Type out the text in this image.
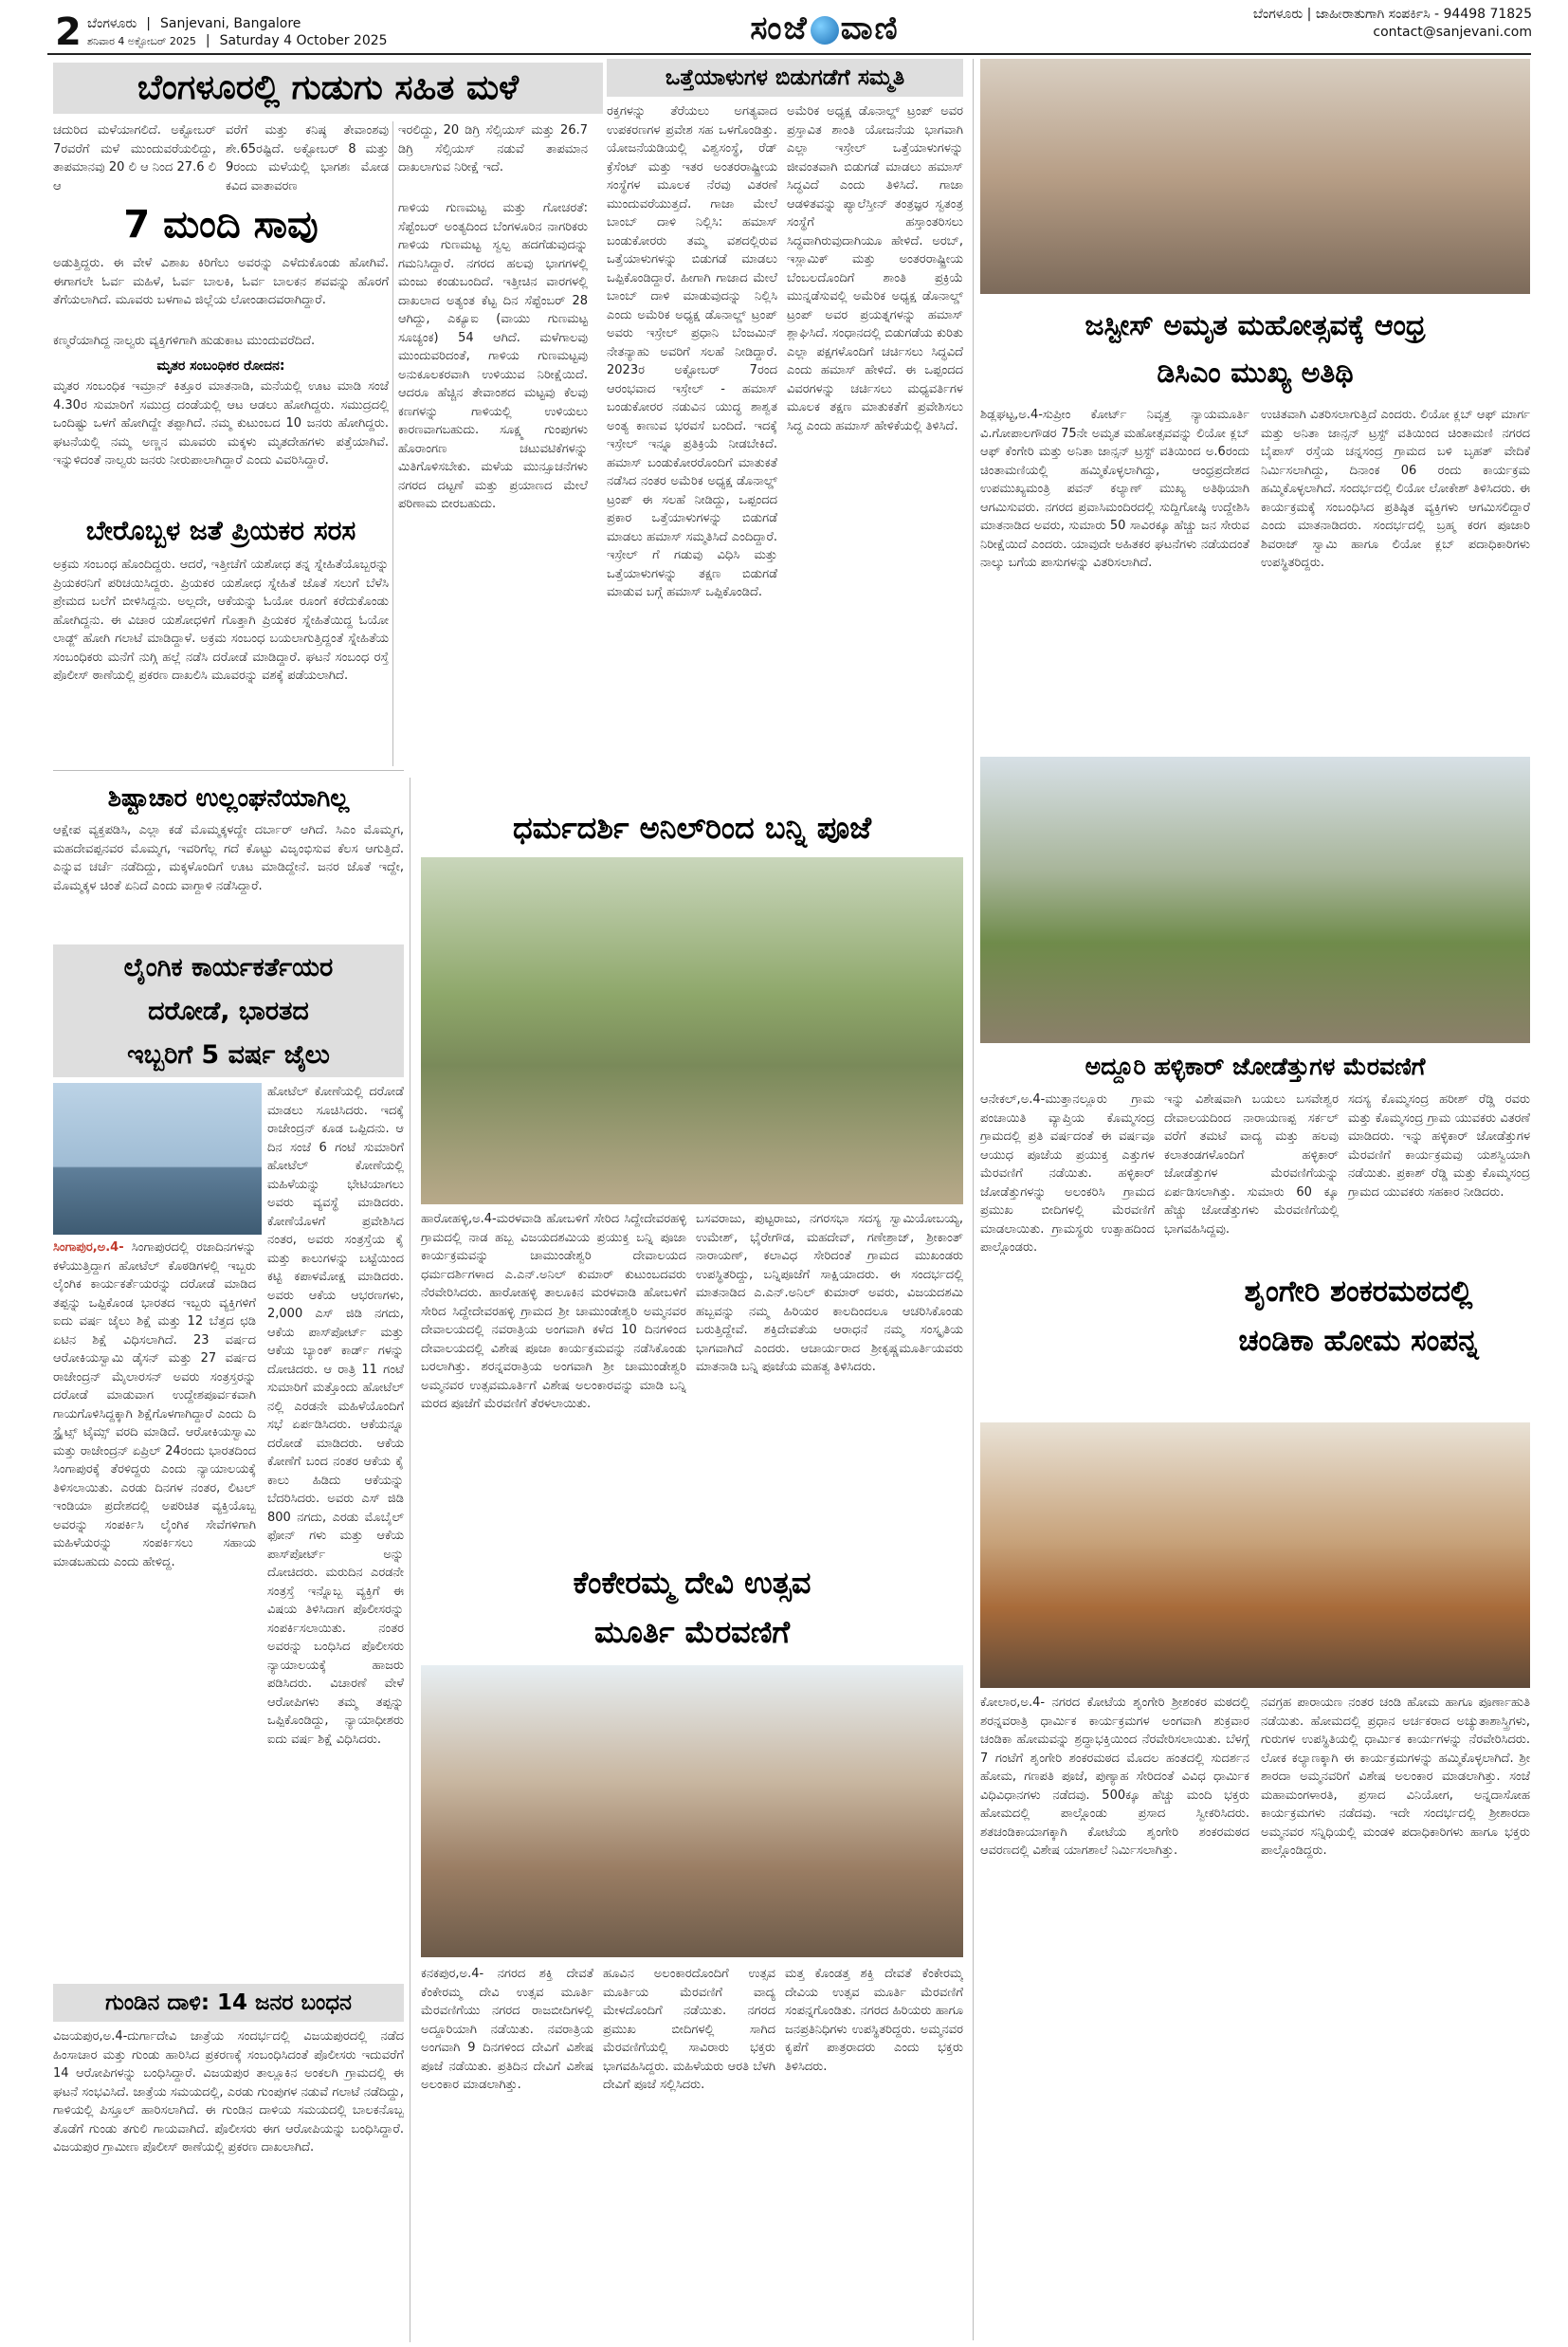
2 ಬೆಂಗಳೂರು | Sanjevani, Bangalore
ಶನಿವಾರ 4 ಅಕ್ಟೋಬರ್ 2025 | Saturday 4 October 2025	ಸಂಜೆ ವಾಣಿ	ಬೆಂಗಳೂರು | ಜಾಹೀರಾತುಗಾಗಿ ಸಂಪರ್ಕಿಸಿ - 94498 71825
contact@sanjevani.com
ಬೆಂಗಳೂರಲ್ಲಿ ಗುಡುಗು ಸಹಿತ ಮಳೆ
ಚದುರಿದ ಮಳೆಯಾಗಲಿದೆ. ಅಕ್ಟೋಬರ್ 7ರವರೆಗೆ ಮಳೆ ಮುಂದುವರೆಯಲಿದ್ದು, ತಾಪಮಾನವು 20 ಲಿ ಆ ನಿಂದ 27.6 ಲಿ ಆ
ವರೆಗೆ ಮತ್ತು ಕನಿಷ್ಠ ತೇವಾಂಶವು ಶೇ.65ರಷ್ಟಿದೆ. ಅಕ್ಟೋಬರ್ 8 ಮತ್ತು 9ರಂದು ಮಳೆಯಲ್ಲಿ ಭಾಗಶಃ ಮೋಡ ಕವಿದ ವಾತಾವರಣ
7 ಮಂದಿ ಸಾವು
ಅಡುತ್ತಿದ್ದರು. ಈ ವೇಳೆ ವಿಶಾಖ ಕಿರಿಗೆಲು ಅವರನ್ನು ಎಳೆದುಕೊಂಡು ಹೋಗಿವೆ. ಈಗಾಗಲೇ ಓರ್ವ ಮಹಿಳೆ, ಓರ್ವ ಬಾಲಕಿ, ಓರ್ವ ಬಾಲಕನ ಶವವನ್ನು ಹೊರಗೆ ತೆಗೆಯಲಾಗಿದೆ. ಮೂವರು ಬಳಗಾವಿ ಜಿಲ್ಲೆಯ ಲೋಂಡಾದವರಾಗಿದ್ದಾರೆ.
ಕಣ್ಮರೆಯಾಗಿದ್ದ ನಾಲ್ವರು ವ್ಯಕ್ತಿಗಳಿಗಾಗಿ ಹುಡುಕಾಟ ಮುಂದುವರೆದಿದೆ.
ಮೃತರ ಸಂಬಂಧಿಕರ ರೋದನ:
ಮೃತರ ಸಂಬಂಧಿಕ ಇಮ್ರಾನ್ ಕಿತ್ತೂರ ಮಾತನಾಡಿ, ಮನೆಯಲ್ಲಿ ಊಟ ಮಾಡಿ ಸಂಜೆ 4.30ರ ಸುಮಾರಿಗೆ ಸಮುದ್ರ ದಂಡೆಯಲ್ಲಿ ಆಟ ಆಡಲು ಹೋಗಿದ್ದರು. ಸಮುದ್ರದಲ್ಲಿ ಒಂದಿಷ್ಟು ಒಳಗೆ ಹೋಗಿದ್ದೇ ತಪ್ಪಾಗಿದೆ. ನಮ್ಮ ಕುಟುಂಬದ 10 ಜನರು ಹೋಗಿದ್ದರು. ಘಟನೆಯಲ್ಲಿ ನಮ್ಮ ಅಣ್ಣನ ಮೂವರು ಮಕ್ಕಳು ಮೃತದೇಹಗಳು ಪತ್ತೆಯಾಗಿವೆ. ಇನ್ನುಳಿದಂತೆ ನಾಲ್ವರು ಜನರು ನೀರುಪಾಲಾಗಿದ್ದಾರೆ ಎಂದು ವಿವರಿಸಿದ್ದಾರೆ.
ಇರಲಿದ್ದು, 20 ಡಿಗ್ರಿ ಸೆಲ್ಸಿಯಸ್ ಮತ್ತು 26.7 ಡಿಗ್ರಿ ಸೆಲ್ಸಿಯಸ್ ನಡುವೆ ತಾಪಮಾನ ದಾಖಲಾಗುವ ನಿರೀಕ್ಷೆ ಇದೆ.
ಗಾಳಿಯ ಗುಣಮಟ್ಟ ಮತ್ತು ಗೋಚರತೆ: ಸೆಪ್ಟೆಂಬರ್ ಅಂತ್ಯದಿಂದ ಬೆಂಗಳೂರಿನ ನಾಗರಿಕರು ಗಾಳಿಯ ಗುಣಮಟ್ಟ ಸ್ವಲ್ಪ ಹದಗೆಡುವುದನ್ನು ಗಮನಿಸಿದ್ದಾರೆ. ನಗರದ ಹಲವು ಭಾಗಗಳಲ್ಲಿ ಮಂಜು ಕಂಡುಬಂದಿದೆ. ಇತ್ತೀಚಿನ ವಾರಗಳಲ್ಲಿ ದಾಖಲಾದ ಅತ್ಯಂತ ಕೆಟ್ಟ ದಿನ ಸೆಪ್ಟೆಂಬರ್ 28 ಆಗಿದ್ದು, ಎಕ್ಯೂಐ (ವಾಯು ಗುಣಮಟ್ಟ ಸೂಚ್ಯಂಕ) 54 ಆಗಿದೆ. ಮಳೆಗಾಲವು ಮುಂದುವರಿದಂತೆ, ಗಾಳಿಯ ಗುಣಮಟ್ಟವು ಅನುಕೂಲಕರವಾಗಿ ಉಳಿಯುವ ನಿರೀಕ್ಷೆಯಿದೆ. ಆದರೂ ಹೆಚ್ಚಿನ ತೇವಾಂಶದ ಮಟ್ಟವು ಕೆಲವು ಕಣಗಳನ್ನು ಗಾಳಿಯಲ್ಲಿ ಉಳಿಯಲು ಕಾರಣವಾಗಬಹುದು. ಸೂಕ್ಷ್ಮ ಗುಂಪುಗಳು ಹೊರಾಂಗಣ ಚಟುವಟಿಕೆಗಳನ್ನು ಮಿತಿಗೊಳಿಸಬೇಕು. ಮಳೆಯ ಮುನ್ಸೂಚನೆಗಳು ನಗರದ ದಟ್ಟಣೆ ಮತ್ತು ಪ್ರಯಾಣದ ಮೇಲೆ ಪರಿಣಾಮ ಬೀರಬಹುದು.
ಬೇರೊಬ್ಬಳ ಜತೆ ಪ್ರಿಯಕರ ಸರಸ
ಅಕ್ರಮ ಸಂಬಂಧ ಹೊಂದಿದ್ದರು. ಆದರೆ, ಇತ್ತೀಚೆಗೆ ಯಶೋಧ ತನ್ನ ಸ್ನೇಹಿತೆಯೊಬ್ಬರನ್ನು ಪ್ರಿಯಕರನಿಗೆ ಪರಿಚಯಿಸಿದ್ದರು. ಪ್ರಿಯಕರ ಯಶೋಧ ಸ್ನೇಹಿತೆ ಜೊತೆ ಸಲುಗೆ ಬೆಳೆಸಿ ಪ್ರೇಮದ ಬಲೆಗೆ ಬೀಳಿಸಿದ್ದನು. ಅಲ್ಲದೇ, ಆಕೆಯನ್ನು ಓಯೋ ರೂಂಗೆ ಕರೆದುಕೊಂಡು ಹೋಗಿದ್ದನು. ಈ ವಿಚಾರ ಯಶೋಧಳಿಗೆ ಗೊತ್ತಾಗಿ ಪ್ರಿಯಕರ ಸ್ನೇಹಿತೆಯಿದ್ದ ಓಯೋ ಲಾಡ್ಜ್ ಹೋಗಿ ಗಲಾಟೆ ಮಾಡಿದ್ದಾಳೆ. ಅಕ್ರಮ ಸಂಬಂಧ ಬಯಲಾಗುತ್ತಿದ್ದಂತೆ ಸ್ನೇಹಿತೆಯ ಸಂಬಂಧಿಕರು ಮನೆಗೆ ನುಗ್ಗಿ ಹಲ್ಲೆ ನಡೆಸಿ ದರೋಡೆ ಮಾಡಿದ್ದಾರೆ. ಘಟನೆ ಸಂಬಂಧ ರಸ್ತೆ ಪೊಲೀಸ್ ಠಾಣೆಯಲ್ಲಿ ಪ್ರಕರಣ ದಾಖಲಿಸಿ ಮೂವರನ್ನು ವಶಕ್ಕೆ ಪಡೆಯಲಾಗಿದೆ.
ಶಿಷ್ಟಾಚಾರ ಉಲ್ಲಂಘನೆಯಾಗಿಲ್ಲ
ಆಕ್ಷೇಪ ವ್ಯಕ್ತಪಡಿಸಿ, ಎಲ್ಲಾ ಕಡೆ ಮೊಮ್ಮಕ್ಕಳದ್ದೇ ದರ್ಬಾರ್ ಆಗಿದೆ. ಸಿಎಂ ಮೊಮ್ಮಗ, ಮಹದೇವಪ್ಪನವರ ಮೊಮ್ಮಗ, ಇವರಿಗೆಲ್ಲ ಗದೆ ಕೊಟ್ಟು ವಿಜೃಂಭಿಸುವ ಕೆಲಸ ಆಗುತ್ತಿದೆ. ಎನ್ನುವ ಚರ್ಚೆ ನಡೆದಿದ್ದು, ಮಕ್ಕಳೊಂದಿಗೆ ಊಟ ಮಾಡಿದ್ದೇನೆ. ಜನರ ಜೊತೆ ಇದ್ದೇ, ಮೊಮ್ಮಕ್ಕಳ ಚಿಂತೆ ಏನಿದೆ ಎಂದು ವಾಗ್ದಾಳಿ ನಡೆಸಿದ್ದಾರೆ.
ಲೈಂಗಿಕ ಕಾರ್ಯಕರ್ತೆಯರ
ದರೋಡೆ, ಭಾರತದ
ಇಬ್ಬರಿಗೆ 5 ವರ್ಷ ಜೈಲು
ಸಿಂಗಾಪುರ,ಅ.4- ಸಿಂಗಾಪುರದಲ್ಲಿ ರಜಾದಿನಗಳನ್ನು ಕಳೆಯುತ್ತಿದ್ದಾಗ ಹೋಟೆಲ್ ಕೊಠಡಿಗಳಲ್ಲಿ ಇಬ್ಬರು ಲೈಂಗಿಕ ಕಾರ್ಯಕರ್ತೆಯರನ್ನು ದರೋಡೆ ಮಾಡಿದ ತಪ್ಪನ್ನು ಒಪ್ಪಿಕೊಂಡ ಭಾರತದ ಇಬ್ಬರು ವ್ಯಕ್ತಿಗಳಿಗೆ ಐದು ವರ್ಷ ಜೈಲು ಶಿಕ್ಷೆ ಮತ್ತು 12 ಬೆತ್ತದ ಛಡಿ ಏಟಿನ ಶಿಕ್ಷೆ ವಿಧಿಸಲಾಗಿದೆ. 23 ವರ್ಷದ ಆರೋಕಿಯಸ್ವಾಮಿ ಡೈಸನ್ ಮತ್ತು 27 ವರ್ಷದ ರಾಜೇಂದ್ರನ್ ಮೈಲಾರಸನ್ ಅವರು ಸಂತ್ರಸ್ತರನ್ನು ದರೋಡೆ ಮಾಡುವಾಗ ಉದ್ದೇಶಪೂರ್ವಕವಾಗಿ ಗಾಯಗೊಳಿಸಿದ್ದಕ್ಕಾಗಿ ಶಿಕ್ಷೆಗೊಳಗಾಗಿದ್ದಾರೆ ಎಂದು ದಿ ಸ್ಟ್ರೈಟ್ಸ್ ಟೈಮ್ಸ್ ವರದಿ ಮಾಡಿದೆ. ಆರೋಕಿಯಸ್ವಾಮಿ ಮತ್ತು ರಾಜೇಂದ್ರನ್ ಏಪ್ರಿಲ್ 24ರಂದು ಭಾರತದಿಂದ ಸಿಂಗಾಪುರಕ್ಕೆ ತೆರಳಿದ್ದರು ಎಂದು ನ್ಯಾಯಾಲಯಕ್ಕೆ ತಿಳಿಸಲಾಯಿತು. ಎರಡು ದಿನಗಳ ನಂತರ, ಲಿಟಲ್ ಇಂಡಿಯಾ ಪ್ರದೇಶದಲ್ಲಿ ಅಪರಿಚಿತ ವ್ಯಕ್ತಿಯೊಬ್ಬ ಅವರನ್ನು ಸಂಪರ್ಕಿಸಿ ಲೈಂಗಿಕ ಸೇವೆಗಳಿಗಾಗಿ ಮಹಿಳೆಯರನ್ನು ಸಂಪರ್ಕಿಸಲು ಸಹಾಯ ಮಾಡಬಹುದು ಎಂದು ಹೇಳಿದ್ದ.
ಹೋಟೆಲ್ ಕೋಣೆಯಲ್ಲಿ ದರೋಡೆ ಮಾಡಲು ಸೂಚಿಸಿದರು. ಇದಕ್ಕೆ ರಾಜೇಂದ್ರನ್ ಕೂಡ ಒಪ್ಪಿದನು. ಆ ದಿನ ಸಂಜೆ 6 ಗಂಟೆ ಸುಮಾರಿಗೆ ಹೋಟೆಲ್ ಕೋಣೆಯಲ್ಲಿ ಮಹಿಳೆಯನ್ನು ಭೇಟಿಯಾಗಲು ಅವರು ವ್ಯವಸ್ಥೆ ಮಾಡಿದರು. ಕೋಣೆಯೊಳಗೆ ಪ್ರವೇಶಿಸಿದ ನಂತರ, ಅವರು ಸಂತ್ರಸ್ತೆಯ ಕೈ ಮತ್ತು ಕಾಲುಗಳನ್ನು ಬಟ್ಟೆಯಿಂದ ಕಟ್ಟಿ ಕಪಾಳಮೋಕ್ಷ ಮಾಡಿದರು. ಅವರು ಆಕೆಯ ಆಭರಣಗಳು, 2,000 ಎಸ್ ಜಿಡಿ ನಗದು, ಆಕೆಯ ಪಾಸ್‍ಪೋರ್ಟ್ ಮತ್ತು ಆಕೆಯ ಬ್ಯಾಂಕ್ ಕಾರ್ಡ್ ಗಳನ್ನು ದೋಚಿದರು. ಆ ರಾತ್ರಿ 11 ಗಂಟೆ ಸುಮಾರಿಗೆ ಮತ್ತೊಂದು ಹೋಟೆಲ್ ನಲ್ಲಿ ಎರಡನೇ ಮಹಿಳೆಯೊಂದಿಗೆ ಸಭೆ ಏರ್ಪಡಿಸಿದರು. ಆಕೆಯನ್ನೂ ದರೋಡೆ ಮಾಡಿದರು. ಆಕೆಯ ಕೋಣೆಗೆ ಬಂದ ನಂತರ ಆಕೆಯ ಕೈ ಕಾಲು ಹಿಡಿದು ಆಕೆಯನ್ನು ಬೆದರಿಸಿದರು. ಅವರು ಎಸ್ ಜಿಡಿ 800 ನಗದು, ಎರಡು ಮೊಬೈಲ್ ಫೋನ್ ಗಳು ಮತ್ತು ಆಕೆಯ ಪಾಸ್‍ಪೋರ್ಟ್ ಅನ್ನು ದೋಚಿದರು. ಮರುದಿನ ಎರಡನೇ ಸಂತ್ರಸ್ತೆ ಇನ್ನೊಬ್ಬ ವ್ಯಕ್ತಿಗೆ ಈ ವಿಷಯ ತಿಳಿಸಿದಾಗ ಪೊಲೀಸರನ್ನು ಸಂಪರ್ಕಿಸಲಾಯಿತು. ನಂತರ ಅವರನ್ನು ಬಂಧಿಸಿದ ಪೊಲೀಸರು ನ್ಯಾಯಾಲಯಕ್ಕೆ ಹಾಜರು ಪಡಿಸಿದರು. ವಿಚಾರಣೆ ವೇಳೆ ಆರೋಪಿಗಳು ತಮ್ಮ ತಪ್ಪನ್ನು ಒಪ್ಪಿಕೊಂಡಿದ್ದು, ನ್ಯಾಯಾಧೀಶರು ಐದು ವರ್ಷ ಶಿಕ್ಷೆ ವಿಧಿಸಿದರು.
ಗುಂಡಿನ ದಾಳಿ: 14 ಜನರ ಬಂಧನ
ವಿಜಯಪುರ,ಅ.4-ದುರ್ಗಾದೇವಿ ಜಾತ್ರೆಯ ಸಂದರ್ಭದಲ್ಲಿ ವಿಜಯಪುರದಲ್ಲಿ ನಡೆದ ಹಿಂಸಾಚಾರ ಮತ್ತು ಗುಂಡು ಹಾರಿಸಿದ ಪ್ರಕರಣಕ್ಕೆ ಸಂಬಂಧಿಸಿದಂತೆ ಪೊಲೀಸರು ಇದುವರೆಗೆ 14 ಆರೋಪಿಗಳನ್ನು ಬಂಧಿಸಿದ್ದಾರೆ. ವಿಜಯಪುರ ತಾಲ್ಲೂಕಿನ ಅಂಕಲಗಿ ಗ್ರಾಮದಲ್ಲಿ ಈ ಘಟನೆ ಸಂಭವಿಸಿದೆ. ಜಾತ್ರೆಯ ಸಮಯದಲ್ಲಿ, ಎರಡು ಗುಂಪುಗಳ ನಡುವೆ ಗಲಾಟೆ ನಡೆದಿದ್ದು, ಗಾಳಿಯಲ್ಲಿ ಪಿಸ್ತೂಲ್ ಹಾರಿಸಲಾಗಿದೆ. ಈ ಗುಂಡಿನ ದಾಳಿಯ ಸಮಯದಲ್ಲಿ ಬಾಲಕನೊಬ್ಬ ತೊಡೆಗೆ ಗುಂಡು ತಗುಲಿ ಗಾಯವಾಗಿದೆ. ಪೊಲೀಸರು ಈಗ ಆರೋಪಿಯನ್ನು ಬಂಧಿಸಿದ್ದಾರೆ. ವಿಜಯಪುರ ಗ್ರಾಮೀಣ ಪೊಲೀಸ್ ಠಾಣೆಯಲ್ಲಿ ಪ್ರಕರಣ ದಾಖಲಾಗಿದೆ.
ಒತ್ತೆಯಾಳುಗಳ ಬಿಡುಗಡೆಗೆ ಸಮ್ಮತಿ
ರಕ್ತಗಳನ್ನು ತೆರೆಯಲು ಅಗತ್ಯವಾದ ಉಪಕರಣಗಳ ಪ್ರವೇಶ ಸಹ ಒಳಗೊಂಡಿತ್ತು. ಯೋಜನೆಯಡಿಯಲ್ಲಿ ವಿಶ್ವಸಂಸ್ಥೆ, ರೆಡ್ ಕ್ರೆಸೆಂಟ್ ಮತ್ತು ಇತರ ಅಂತರರಾಷ್ಟ್ರೀಯ ಸಂಸ್ಥೆಗಳ ಮೂಲಕ ನೆರವು ವಿತರಣೆ ಮುಂದುವರೆಯುತ್ತದೆ. ಗಾಜಾ ಮೇಲೆ ಬಾಂಬ್ ದಾಳಿ ನಿಲ್ಲಿಸಿ: ಹಮಾಸ್ ಬಂಡುಕೋರರು ತಮ್ಮ ವಶದಲ್ಲಿರುವ ಒತ್ತೆಯಾಳುಗಳನ್ನು ಬಿಡುಗಡೆ ಮಾಡಲು ಒಪ್ಪಿಕೊಂಡಿದ್ದಾರೆ. ಹೀಗಾಗಿ ಗಾಜಾದ ಮೇಲೆ ಬಾಂಬ್ ದಾಳಿ ಮಾಡುವುದನ್ನು ನಿಲ್ಲಿಸಿ ಎಂದು ಅಮೆರಿಕ ಅಧ್ಯಕ್ಷ ಡೊನಾಲ್ಡ್ ಟ್ರಂಪ್ ಅವರು ಇಸ್ರೇಲ್ ಪ್ರಧಾನಿ ಬೆಂಜಮಿನ್ ನೇತನ್ಯಾಹು ಅವರಿಗೆ ಸಲಹೆ ನೀಡಿದ್ದಾರೆ. 2023ರ ಅಕ್ಟೋಬರ್ 7ರಂದ ಆರಂಭವಾದ ಇಸ್ರೇಲ್ - ಹಮಾಸ್ ಬಂಡುಕೋರರ ನಡುವಿನ ಯುದ್ಧ ಶಾಶ್ವತ ಅಂತ್ಯ ಕಾಣುವ ಭರವಸೆ ಬಂದಿದೆ. ಇದಕ್ಕೆ ಇಸ್ರೇಲ್ ಇನ್ನೂ ಪ್ರತಿಕ್ರಿಯೆ ನೀಡಬೇಕಿದೆ. ಹಮಾಸ್ ಬಂಡುಕೋರರೊಂದಿಗೆ ಮಾತುಕತೆ ನಡೆಸಿದ ನಂತರ ಅಮೆರಿಕ ಅಧ್ಯಕ್ಷ ಡೊನಾಲ್ಡ್ ಟ್ರಂಪ್ ಈ ಸಲಹೆ ನೀಡಿದ್ದು, ಒಪ್ಪಂದದ ಪ್ರಕಾರ ಒತ್ತೆಯಾಳುಗಳನ್ನು ಬಿಡುಗಡೆ ಮಾಡಲು ಹಮಾಸ್ ಸಮ್ಮತಿಸಿದೆ ಎಂದಿದ್ದಾರೆ. ಇಸ್ರೇಲ್ ಗೆ ಗಡುವು ವಿಧಿಸಿ ಮತ್ತು ಒತ್ತೆಯಾಳುಗಳನ್ನು ತಕ್ಷಣ ಬಿಡುಗಡೆ ಮಾಡುವ ಬಗ್ಗೆ ಹಮಾಸ್ ಒಪ್ಪಿಕೊಂಡಿದೆ.
ಅಮೆರಿಕ ಅಧ್ಯಕ್ಷ ಡೊನಾಲ್ಡ್ ಟ್ರಂಪ್ ಅವರ ಪ್ರಸ್ತಾವಿತ ಶಾಂತಿ ಯೋಜನೆಯ ಭಾಗವಾಗಿ ಎಲ್ಲಾ ಇಸ್ರೇಲ್ ಒತ್ತೆಯಾಳುಗಳನ್ನು ಜೀವಂತವಾಗಿ ಬಿಡುಗಡೆ ಮಾಡಲು ಹಮಾಸ್ ಸಿದ್ಧವಿದೆ ಎಂದು ತಿಳಿಸಿದೆ. ಗಾಜಾ ಆಡಳಿತವನ್ನು ಪ್ಯಾಲೆಸ್ತೀನ್ ತಂತ್ರಜ್ಞರ ಸ್ವತಂತ್ರ ಸಂಸ್ಥೆಗೆ ಹಸ್ತಾಂತರಿಸಲು ಸಿದ್ಧವಾಗಿರುವುದಾಗಿಯೂ ಹೇಳಿದೆ. ಅರಬ್, ಇಸ್ಲಾಮಿಕ್ ಮತ್ತು ಅಂತರರಾಷ್ಟ್ರೀಯ ಬೆಂಬಲದೊಂದಿಗೆ ಶಾಂತಿ ಪ್ರಕ್ರಿಯೆ ಮುನ್ನಡೆಸುವಲ್ಲಿ ಅಮೆರಿಕ ಅಧ್ಯಕ್ಷ ಡೊನಾಲ್ಡ್ ಟ್ರಂಪ್ ಅವರ ಪ್ರಯತ್ನಗಳನ್ನು ಹಮಾಸ್ ಶ್ಲಾಘಿಸಿದೆ. ಸಂಧಾನದಲ್ಲಿ ಬಿಡುಗಡೆಯ ಕುರಿತು ಎಲ್ಲಾ ಪಕ್ಷಗಳೊಂದಿಗೆ ಚರ್ಚಿಸಲು ಸಿದ್ಧವಿದೆ ಎಂದು ಹಮಾಸ್ ಹೇಳಿದೆ. ಈ ಒಪ್ಪಂದದ ವಿವರಗಳನ್ನು ಚರ್ಚಿಸಲು ಮಧ್ಯವರ್ತಿಗಳ ಮೂಲಕ ತಕ್ಷಣ ಮಾತುಕತೆಗೆ ಪ್ರವೇಶಿಸಲು ಸಿದ್ಧ ಎಂದು ಹಮಾಸ್ ಹೇಳಿಕೆಯಲ್ಲಿ ತಿಳಿಸಿದೆ.
ಧರ್ಮದರ್ಶಿ ಅನಿಲ್‍ರಿಂದ ಬನ್ನಿ ಪೂಜೆ
ಹಾರೋಹಳ್ಳಿ,ಅ.4-ಮರಳವಾಡಿ ಹೋಬಳಿಗೆ ಸೇರಿದ ಸಿದ್ದೇದೇವರಹಳ್ಳಿ ಗ್ರಾಮದಲ್ಲಿ ನಾಡ ಹಬ್ಬ ವಿಜಯದಶಮಿಯ ಪ್ರಯುಕ್ತ ಬನ್ನಿ ಪೂಜಾ ಕಾರ್ಯಕ್ರಮವನ್ನು ಚಾಮುಂಡೇಶ್ವರಿ ದೇವಾಲಯದ ಧರ್ಮದರ್ಶಿಗಳಾದ ಎ.ಎನ್.ಅನಿಲ್ ಕುಮಾರ್ ಕುಟುಂಬದವರು ನೆರವೇರಿಸಿದರು. ಹಾರೋಹಳ್ಳಿ ತಾಲೂಕಿನ ಮರಳವಾಡಿ ಹೋಬಳಿಗೆ ಸೇರಿದ ಸಿದ್ದೇದೇವರಹಳ್ಳಿ ಗ್ರಾಮದ ಶ್ರೀ ಚಾಮುಂಡೇಶ್ವರಿ ಅಮ್ಮನವರ ದೇವಾಲಯದಲ್ಲಿ ನವರಾತ್ರಿಯ ಅಂಗವಾಗಿ ಕಳೆದ 10 ದಿನಗಳಿಂದ ದೇವಾಲಯದಲ್ಲಿ ವಿಶೇಷ ಪೂಜಾ ಕಾರ್ಯಕ್ರಮವನ್ನು ನಡೆಸಿಕೊಂಡು ಬರಲಾಗಿತ್ತು. ಶರನ್ನವರಾತ್ರಿಯ ಅಂಗವಾಗಿ ಶ್ರೀ ಚಾಮುಂಡೇಶ್ವರಿ ಅಮ್ಮನವರ ಉತ್ಸವಮೂರ್ತಿಗೆ ವಿಶೇಷ ಅಲಂಕಾರವನ್ನು ಮಾಡಿ ಬನ್ನಿ ಮರದ ಪೂಜೆಗೆ ಮೆರವಣಿಗೆ ತೆರಳಲಾಯಿತು.
ಬಸವರಾಜು, ಪುಟ್ಟರಾಜು, ನಗರಸಭಾ ಸದಸ್ಯ ಸ್ವಾಮಿಯೋಬಯ್ಯ, ಉಮೇಶ್, ಭೈರೇಗೌಡ, ಮಹದೇವ್, ಗಣೇಶ್ರಾಜ್, ಶ್ರೀಕಾಂತ್ ನಾರಾಯಣ್, ಕಲಾವಿಧ ಸೇರಿದಂತೆ ಗ್ರಾಮದ ಮುಖಂಡರು ಉಪಸ್ಥಿತರಿದ್ದು, ಬನ್ನಿಪೂಜೆಗೆ ಸಾಕ್ಷಿಯಾದರು. ಈ ಸಂದರ್ಭದಲ್ಲಿ ಮಾತನಾಡಿದ ಎ.ಎನ್.ಅನಿಲ್ ಕುಮಾರ್ ಅವರು, ವಿಜಯದಶಮಿ ಹಬ್ಬವನ್ನು ನಮ್ಮ ಹಿರಿಯರ ಕಾಲದಿಂದಲೂ ಆಚರಿಸಿಕೊಂಡು ಬರುತ್ತಿದ್ದೇವೆ. ಶಕ್ತಿದೇವತೆಯ ಆರಾಧನೆ ನಮ್ಮ ಸಂಸ್ಕೃತಿಯ ಭಾಗವಾಗಿದೆ ಎಂದರು. ಆಚಾರ್ಯರಾದ ಶ್ರೀಕೃಷ್ಣಮೂರ್ತಿಯವರು ಮಾತನಾಡಿ ಬನ್ನಿ ಪೂಜೆಯ ಮಹತ್ವ ತಿಳಿಸಿದರು.
ಕೆಂಕೇರಮ್ಮ ದೇವಿ ಉತ್ಸವ
ಮೂರ್ತಿ ಮೆರವಣಿಗೆ
ಕನಕಪುರ,ಅ.4- ನಗರದ ಶಕ್ತಿ ದೇವತೆ ಕೆಂಕೇರಮ್ಮ ದೇವಿ ಉತ್ಸವ ಮೂರ್ತಿ ಮೆರವಣಿಗೆಯು ನಗರದ ರಾಜಬೀದಿಗಳಲ್ಲಿ ಅದ್ದೂರಿಯಾಗಿ ನಡೆಯಿತು. ನವರಾತ್ರಿಯ ಅಂಗವಾಗಿ 9 ದಿನಗಳಿಂದ ದೇವಿಗೆ ವಿಶೇಷ ಪೂಜೆ ನಡೆಯಿತು. ಪ್ರತಿದಿನ ದೇವಿಗೆ ವಿಶೇಷ ಅಲಂಕಾರ ಮಾಡಲಾಗಿತ್ತು.
ಹೂವಿನ ಅಲಂಕಾರದೊಂದಿಗೆ ಉತ್ಸವ ಮೂರ್ತಿಯ ಮೆರವಣಿಗೆ ವಾದ್ಯ ಮೇಳದೊಂದಿಗೆ ನಡೆಯಿತು. ನಗರದ ಪ್ರಮುಖ ಬೀದಿಗಳಲ್ಲಿ ಸಾಗಿದ ಮೆರವಣಿಗೆಯಲ್ಲಿ ಸಾವಿರಾರು ಭಕ್ತರು ಭಾಗವಹಿಸಿದ್ದರು. ಮಹಿಳೆಯರು ಆರತಿ ಬೆಳಗಿ ದೇವಿಗೆ ಪೂಜೆ ಸಲ್ಲಿಸಿದರು.
ಮತ್ತ ಕೊಂಡತ್ತ ಶಕ್ತಿ ದೇವತೆ ಕೆಂಕೇರಮ್ಮ ದೇವಿಯ ಉತ್ಸವ ಮೂರ್ತಿ ಮೆರವಣಿಗೆ ಸಂಪನ್ನಗೊಂಡಿತು. ನಗರದ ಹಿರಿಯರು ಹಾಗೂ ಜನಪ್ರತಿನಿಧಿಗಳು ಉಪಸ್ಥಿತರಿದ್ದರು. ಅಮ್ಮನವರ ಕೃಪೆಗೆ ಪಾತ್ರರಾದರು ಎಂದು ಭಕ್ತರು ತಿಳಿಸಿದರು.
ಜಸ್ಟೀಸ್ ಅಮೃತ ಮಹೋತ್ಸವಕ್ಕೆ ಆಂಧ್ರ
ಡಿಸಿಎಂ ಮುಖ್ಯ ಅತಿಥಿ
ಶಿಡ್ಲಘಟ್ಟ,ಅ.4-ಸುಪ್ರೀಂ ಕೋರ್ಟ್ ನಿವೃತ್ತ ನ್ಯಾಯಮೂರ್ತಿ ವಿ.ಗೋಪಾಲಗೌಡರ 75ನೇ ಅಮೃತ ಮಹೋತ್ಸವವನ್ನು ಲಿಯೋ ಕ್ಲಬ್ ಆಫ್ ಕೆಂಗೇರಿ ಮತ್ತು ಅನಿತಾ ಜಾನ್ಸನ್ ಟ್ರಸ್ಟ್ ವತಿಯಿಂದ ಅ.6ರಂದು ಚಿಂತಾಮಣಿಯಲ್ಲಿ ಹಮ್ಮಿಕೊಳ್ಳಲಾಗಿದ್ದು, ಆಂಧ್ರಪ್ರದೇಶದ ಉಪಮುಖ್ಯಮಂತ್ರಿ ಪವನ್ ಕಲ್ಯಾಣ್ ಮುಖ್ಯ ಅತಿಥಿಯಾಗಿ ಆಗಮಿಸುವರು. ನಗರದ ಪ್ರವಾಸಿಮಂದಿರದಲ್ಲಿ ಸುದ್ದಿಗೋಷ್ಠಿ ಉದ್ದೇಶಿಸಿ ಮಾತನಾಡಿದ ಅವರು, ಸುಮಾರು 50 ಸಾವಿರಕ್ಕೂ ಹೆಚ್ಚು ಜನ ಸೇರುವ ನಿರೀಕ್ಷೆಯಿದೆ ಎಂದರು. ಯಾವುದೇ ಅಹಿತಕರ ಘಟನೆಗಳು ನಡೆಯದಂತೆ ನಾಲ್ಕು ಬಗೆಯ ಪಾಸುಗಳನ್ನು ವಿತರಿಸಲಾಗಿದೆ.
ಉಚಿತವಾಗಿ ವಿತರಿಸಲಾಗುತ್ತಿದೆ ಎಂದರು. ಲಿಯೋ ಕ್ಲಬ್ ಆಫ್ ಮಾರ್ಗ ಮತ್ತು ಅನಿತಾ ಜಾನ್ಸನ್ ಟ್ರಸ್ಟ್ ವತಿಯಿಂದ ಚಿಂತಾಮಣಿ ನಗರದ ಬೈಪಾಸ್ ರಸ್ತೆಯ ಚನ್ನಸಂದ್ರ ಗ್ರಾಮದ ಬಳಿ ಬೃಹತ್ ವೇದಿಕೆ ನಿರ್ಮಿಸಲಾಗಿದ್ದು, ದಿನಾಂಕ 06 ರಂದು ಕಾರ್ಯಕ್ರಮ ಹಮ್ಮಿಕೊಳ್ಳಲಾಗಿದೆ. ಸಂದರ್ಭದಲ್ಲಿ ಲಿಯೋ ಲೋಕೇಶ್ ತಿಳಿಸಿದರು. ಈ ಕಾರ್ಯಕ್ರಮಕ್ಕೆ ಸಂಬಂಧಿಸಿದ ಪ್ರತಿಷ್ಠಿತ ವ್ಯಕ್ತಿಗಳು ಆಗಮಿಸಲಿದ್ದಾರೆ ಎಂದು ಮಾತನಾಡಿದರು. ಸಂದರ್ಭದಲ್ಲಿ ಬ್ರಹ್ಮ ಕರಗ ಪೂಜಾರಿ ಶಿವರಾಜ್ ಸ್ವಾಮಿ ಹಾಗೂ ಲಿಯೋ ಕ್ಲಬ್ ಪದಾಧಿಕಾರಿಗಳು ಉಪಸ್ಥಿತರಿದ್ದರು.
ಅದ್ದೂರಿ ಹಳ್ಳಿಕಾರ್ ಜೋಡೆತ್ತುಗಳ ಮೆರವಣಿಗೆ
ಆನೇಕಲ್,ಅ.4-ಮುತ್ತಾನಲ್ಲೂರು ಗ್ರಾಮ ಪಂಚಾಯಿತಿ ವ್ಯಾಪ್ತಿಯ ಕೊಮ್ಮಸಂದ್ರ ಗ್ರಾಮದಲ್ಲಿ ಪ್ರತಿ ವರ್ಷದಂತೆ ಈ ವರ್ಷವೂ ಆಯುಧ ಪೂಜೆಯ ಪ್ರಯುಕ್ತ ಎತ್ತುಗಳ ಮೆರವಣಿಗೆ ನಡೆಯಿತು. ಹಳ್ಳಿಕಾರ್ ಜೋಡೆತ್ತುಗಳನ್ನು ಅಲಂಕರಿಸಿ ಗ್ರಾಮದ ಪ್ರಮುಖ ಬೀದಿಗಳಲ್ಲಿ ಮೆರವಣಿಗೆ ಮಾಡಲಾಯಿತು. ಗ್ರಾಮಸ್ಥರು ಉತ್ಸಾಹದಿಂದ ಪಾಲ್ಗೊಂಡರು.
ಇನ್ನು ವಿಶೇಷವಾಗಿ ಬಯಲು ಬಸವೇಶ್ವರ ದೇವಾಲಯದಿಂದ ನಾರಾಯಣಪ್ಪ ಸರ್ಕಲ್ ವರೆಗೆ ತಮಟೆ ವಾದ್ಯ ಮತ್ತು ಹಲವು ಕಲಾತಂಡಗಳೊಂದಿಗೆ ಹಳ್ಳಿಕಾರ್ ಜೋಡೆತ್ತುಗಳ ಮೆರವಣಿಗೆಯನ್ನು ಏರ್ಪಡಿಸಲಾಗಿತ್ತು. ಸುಮಾರು 60 ಕ್ಕೂ ಹೆಚ್ಚು ಜೋಡೆತ್ತುಗಳು ಮೆರವಣಿಗೆಯಲ್ಲಿ ಭಾಗವಹಿಸಿದ್ದವು.
ಸದಸ್ಯ ಕೊಮ್ಮಸಂದ್ರ ಹರೀಶ್ ರೆಡ್ಡಿ ರವರು ಮತ್ತು ಕೊಮ್ಮಸಂದ್ರ ಗ್ರಾಮ ಯುವಕರು ವಿತರಣೆ ಮಾಡಿದರು. ಇನ್ನು ಹಳ್ಳಿಕಾರ್ ಜೋಡೆತ್ತುಗಳ ಮೆರವಣಿಗೆ ಕಾರ್ಯಕ್ರಮವು ಯಶಸ್ವಿಯಾಗಿ ನಡೆಯಿತು. ಪ್ರಕಾಶ್ ರೆಡ್ಡಿ ಮತ್ತು ಕೊಮ್ಮಸಂದ್ರ ಗ್ರಾಮದ ಯುವಕರು ಸಹಕಾರ ನೀಡಿದರು.
ಶೃಂಗೇರಿ ಶಂಕರಮಠದಲ್ಲಿ
ಚಂಡಿಕಾ ಹೋಮ ಸಂಪನ್ನ
ಕೋಲಾರ,ಅ.4- ನಗರದ ಕೋಟೆಯ ಶೃಂಗೇರಿ ಶ್ರೀಶಂಕರ ಮಠದಲ್ಲಿ ಶರನ್ನವರಾತ್ರಿ ಧಾರ್ಮಿಕ ಕಾರ್ಯಕ್ರಮಗಳ ಅಂಗವಾಗಿ ಶುಕ್ರವಾರ ಚಂಡಿಕಾ ಹೋಮವನ್ನು ಶ್ರದ್ಧಾಭಕ್ತಿಯಿಂದ ನೆರವೇರಿಸಲಾಯಿತು. ಬೆಳಗ್ಗೆ 7 ಗಂಟೆಗೆ ಶೃಂಗೇರಿ ಶಂಕರಮಠದ ಮೊದಲ ಹಂತದಲ್ಲಿ ಸುದರ್ಶನ ಹೋಮ, ಗಣಪತಿ ಪೂಜೆ, ಪುಣ್ಯಾಹ ಸೇರಿದಂತೆ ವಿವಿಧ ಧಾರ್ಮಿಕ ವಿಧಿವಿಧಾನಗಳು ನಡೆದವು. 500ಕ್ಕೂ ಹೆಚ್ಚು ಮಂದಿ ಭಕ್ತರು ಹೋಮದಲ್ಲಿ ಪಾಲ್ಗೊಂಡು ಪ್ರಸಾದ ಸ್ವೀಕರಿಸಿದರು. ಶತಚಂಡಿಕಾಯಾಗಕ್ಕಾಗಿ ಕೋಟೆಯ ಶೃಂಗೇರಿ ಶಂಕರಮಠದ ಆವರಣದಲ್ಲಿ ವಿಶೇಷ ಯಾಗಶಾಲೆ ನಿರ್ಮಿಸಲಾಗಿತ್ತು.
ನವಗ್ರಹ ಪಾರಾಯಣ ನಂತರ ಚಂಡಿ ಹೋಮ ಹಾಗೂ ಪೂರ್ಣಾಹುತಿ ನಡೆಯಿತು. ಹೋಮದಲ್ಲಿ ಪ್ರಧಾನ ಅರ್ಚಕರಾದ ಅಚ್ಯುತಾಶಾಸ್ತ್ರಿಗಳು, ಗುರುಗಳ ಉಪಸ್ಥಿತಿಯಲ್ಲಿ ಧಾರ್ಮಿಕ ಕಾರ್ಯಗಳನ್ನು ನೆರವೇರಿಸಿದರು. ಲೋಕ ಕಲ್ಯಾಣಕ್ಕಾಗಿ ಈ ಕಾರ್ಯಕ್ರಮಗಳನ್ನು ಹಮ್ಮಿಕೊಳ್ಳಲಾಗಿದೆ. ಶ್ರೀ ಶಾರದಾ ಅಮ್ಮನವರಿಗೆ ವಿಶೇಷ ಅಲಂಕಾರ ಮಾಡಲಾಗಿತ್ತು. ಸಂಜೆ ಮಹಾಮಂಗಳಾರತಿ, ಪ್ರಸಾದ ವಿನಿಯೋಗ, ಅನ್ನದಾಸೋಹ ಕಾರ್ಯಕ್ರಮಗಳು ನಡೆದವು. ಇದೇ ಸಂದರ್ಭದಲ್ಲಿ ಶ್ರೀಶಾರದಾ ಅಮ್ಮನವರ ಸನ್ನಿಧಿಯಲ್ಲಿ ಮಂಡಳಿ ಪದಾಧಿಕಾರಿಗಳು ಹಾಗೂ ಭಕ್ತರು ಪಾಲ್ಗೊಂಡಿದ್ದರು.
